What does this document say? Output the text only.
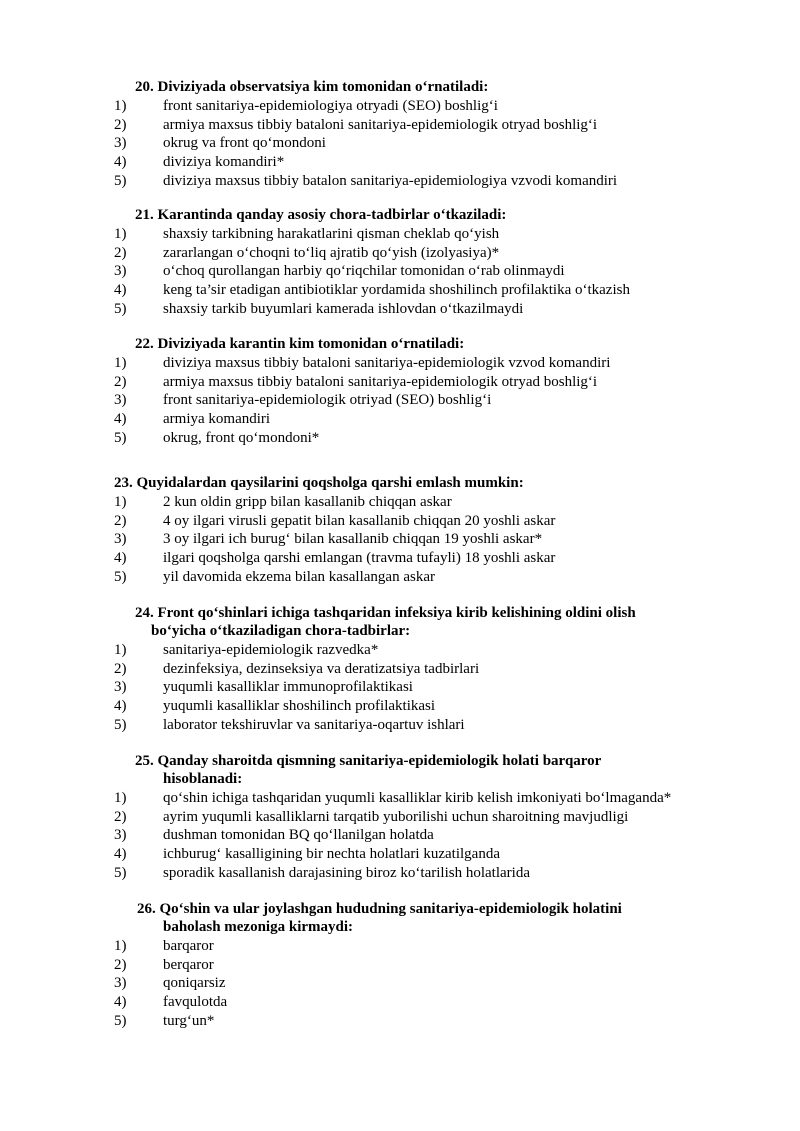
20. Diviziyada observatsiya kim tomonidan o‘rnatiladi:
1) front sanitariya-epidemiologiya otryadi (SEO) boshlig‘i
2) armiya maxsus tibbiy bataloni sanitariya-epidemiologik otryad boshlig‘i
3) okrug va front qo‘mondoni
4) diviziya komandiri*
5) diviziya maxsus tibbiy batalon sanitariya-epidemiologiya vzvodi komandiri
21. Karantinda qanday asosiy chora-tadbirlar o‘tkaziladi:
1) shaxsiy tarkibning harakatlarini qisman cheklab qo‘yish
2) zararlangan o‘choqni to‘liq ajratib qo‘yish (izolyasiya)*
3) o‘choq qurollangan harbiy qo‘riqchilar tomonidan o‘rab olinmaydi
4) keng ta’sir etadigan antibiotiklar yordamida shoshilinch profilaktika o‘tkazish
5) shaxsiy tarkib buyumlari kamerada ishlovdan o‘tkazilmaydi
22. Diviziyada karantin kim tomonidan o‘rnatiladi:
1) diviziya maxsus tibbiy bataloni sanitariya-epidemiologik vzvod komandiri
2) armiya maxsus tibbiy bataloni sanitariya-epidemiologik otryad boshlig‘i
3) front sanitariya-epidemiologik otriyad (SEO) boshlig‘i
4) armiya komandiri
5) okrug, front qo‘mondoni*
23. Quyidalardan qaysilarini qoqsholga qarshi emlash mumkin:
1) 2 kun oldin gripp bilan kasallanib chiqqan askar
2) 4 oy ilgari virusli gepatit bilan kasallanib chiqqan 20 yoshli askar
3) 3 oy ilgari ich burug‘ bilan kasallanib chiqqan 19 yoshli askar*
4) ilgari qoqsholga qarshi emlangan (travma tufayli) 18 yoshli askar
5) yil davomida ekzema bilan kasallangan askar
24. Front qo‘shinlari ichiga tashqaridan infeksiya kirib kelishining oldini olish
bo‘yicha o‘tkaziladigan chora-tadbirlar:
1) sanitariya-epidemiologik razvedka*
2) dezinfeksiya, dezinseksiya va deratizatsiya tadbirlari
3) yuqumli kasalliklar immunoprofilaktikasi
4) yuqumli kasalliklar shoshilinch profilaktikasi
5) laborator tekshiruvlar va sanitariya-oqartuv ishlari
25. Qanday sharoitda qismning sanitariya-epidemiologik holati barqaror
hisoblanadi:
1) qo‘shin ichiga tashqaridan yuqumli kasalliklar kirib kelish imkoniyati bo‘lmaganda*
2) ayrim yuqumli kasalliklarni tarqatib yuborilishi uchun sharoitning mavjudligi
3) dushman tomonidan BQ qo‘llanilgan holatda
4) ichburug‘ kasalligining bir nechta holatlari kuzatilganda
5) sporadik kasallanish darajasining biroz ko‘tarilish holatlarida
26. Qo‘shin va ular joylashgan hududning sanitariya-epidemiologik holatini
baholash mezoniga kirmaydi:
1) barqaror
2) berqaror
3) qoniqarsiz
4) favqulotda
5) turg‘un*
